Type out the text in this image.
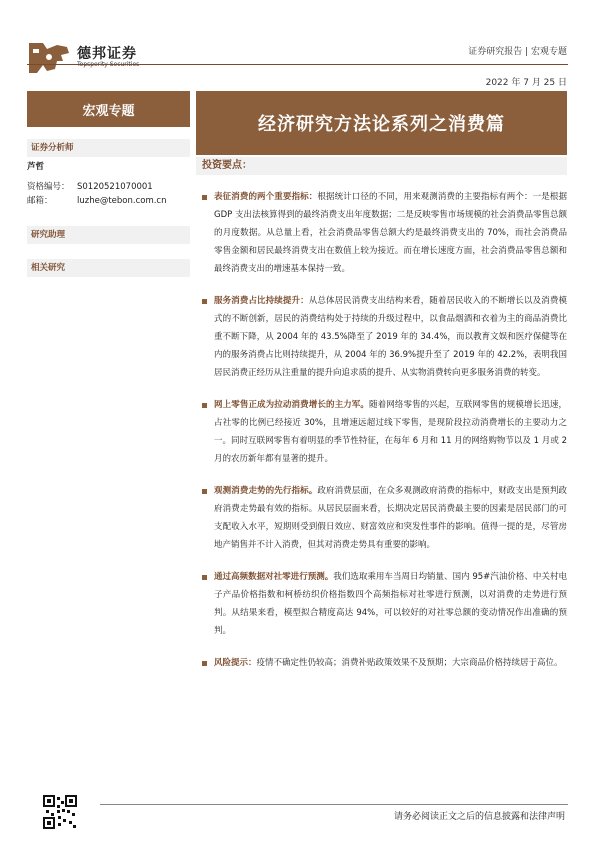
德邦证券	证券研究报告 | 宏观专题
2022 年 7 月 25 日
宏观专题
经济研究方法论系列之消费篇
证券分析师
芦哲
资格编号： S0120521070001
邮箱：	luzhe@tebon.com.cn
研究助理
相关研究
投资要点：
表征消费的两个重要指标：根据统计口径的不同，用来观测消费的主要指标有两个：一是根据 GDP 支出法核算得到的最终消费支出年度数据；二是反映零售市场规模的社会消费品零售总额的月度数据。从总量上看，社会消费品零售总额大约是最终消费支出的 70%，而社会消费品零售金额和居民最终消费支出在数值上较为接近。而在增长速度方面，社会消费品零售总额和最终消费支出的增速基本保持一致。
服务消费占比持续提升：从总体居民消费支出结构来看，随着居民收入的不断增长以及消费模式的不断创新，居民的消费结构处于持续的升级过程中，以食品烟酒和衣着为主的商品消费比重不断下降，从 2004 年的 43.5%降至了 2019 年的 34.4%，而以教育文娱和医疗保健等在内的服务消费占比则持续提升，从 2004 年的 36.9%提升至了 2019 年的 42.2%，表明我国居民消费正经历从注重量的提升向追求质的提升、从实物消费转向更多服务消费的转变。
网上零售正成为拉动消费增长的主力军。随着网络零售的兴起，互联网零售的规模增长迅速，占社零的比例已经接近 30%，且增速远超过线下零售，是现阶段拉动消费增长的主要动力之一。同时互联网零售有着明显的季节性特征，在每年 6 月和 11 月的网络购物节以及 1 月或 2 月的农历新年都有显著的提升。
观测消费走势的先行指标。政府消费层面，在众多观测政府消费的指标中，财政支出是预判政府消费走势最有效的指标。从居民层面来看，长期决定居民消费最主要的因素是居民部门的可支配收入水平，短期则受到假日效应、财富效应和突发性事件的影响。值得一提的是，尽管房地产销售并不计入消费，但其对消费走势具有重要的影响。
通过高频数据对社零进行预测。我们选取乘用车当周日均销量、国内 95#汽油价格、中关村电子产品价格指数和柯桥纺织价格指数四个高频指标对社零进行预测，以对消费的走势进行预判。从结果来看，模型拟合精度高达 94%，可以较好的对社零总额的变动情况作出准确的预判。
风险提示：疫情不确定性仍较高；消费补贴政策效果不及预期；大宗商品价格持续居于高位。
请务必阅读正文之后的信息披露和法律声明
